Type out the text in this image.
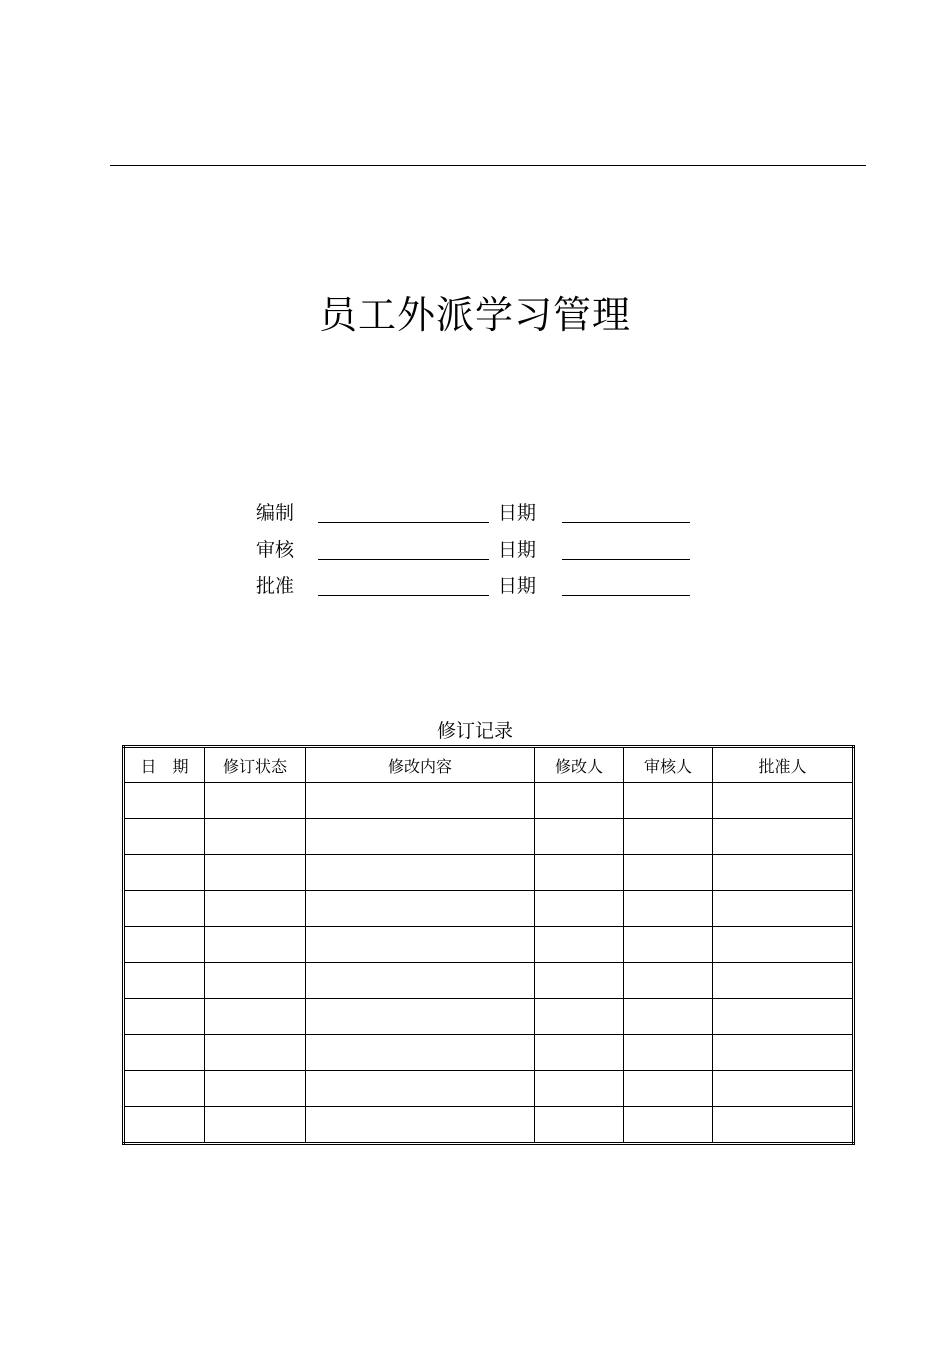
员工外派学习管理
编制	日期
审核	日期
批准	日期
修订记录
日　期	修订状态	修改内容	修改人	审核人	批准人
